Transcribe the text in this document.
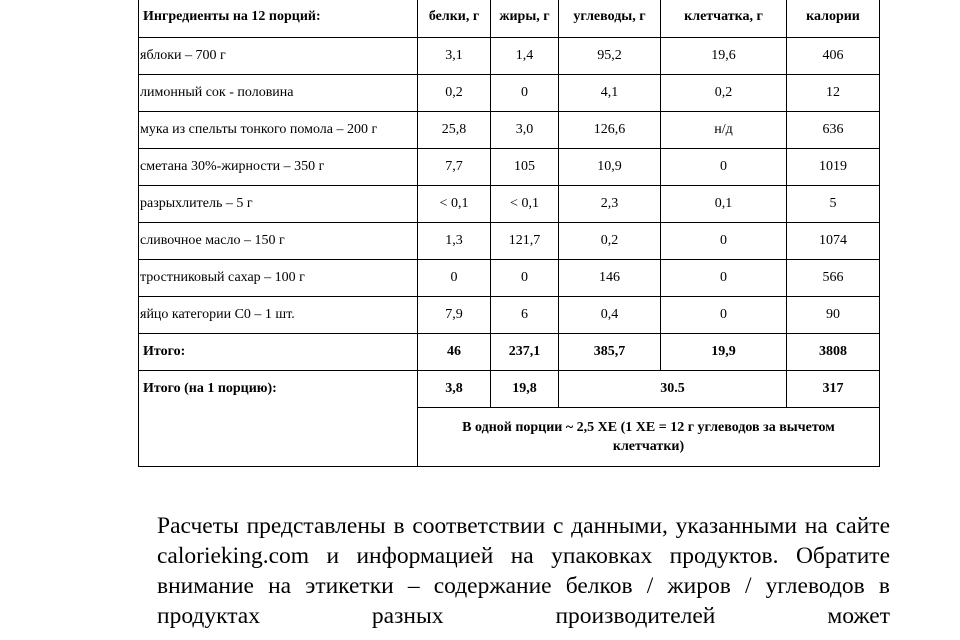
Ингредиенты на 12 порций:	белки, г	жиры, г	углеводы, г	клетчатка, г	калории
яблоки – 700 г	3,1	1,4	95,2	19,6	406
лимонный сок - половина	0,2	0	4,1	0,2	12
мука из спельты тонкого помола – 200 г	25,8	3,0	126,6	н/д	636
сметана 30%-жирности – 350 г	7,7	105	10,9	0	1019
разрыхлитель – 5 г	< 0,1	< 0,1	2,3	0,1	5
сливочное масло – 150 г	1,3	121,7	0,2	0	1074
тростниковый сахар – 100 г	0	0	146	0	566
яйцо категории С0 – 1 шт.	7,9	6	0,4	0	90
Итого:	46	237,1	385,7	19,9	3808
Итого (на 1 порцию):	3,8	19,8	30.5		317
	В одной порции ~ 2,5 ХЕ (1 ХЕ = 12 г углеводов за вычетом клетчатки)				

Расчеты представлены в соответствии с данными, указанными на сайте calorieking.com и информацией на упаковках продуктов. Обратите внимание на этикетки – содержание белков / жиров / углеводов в продуктах разных производителей может
